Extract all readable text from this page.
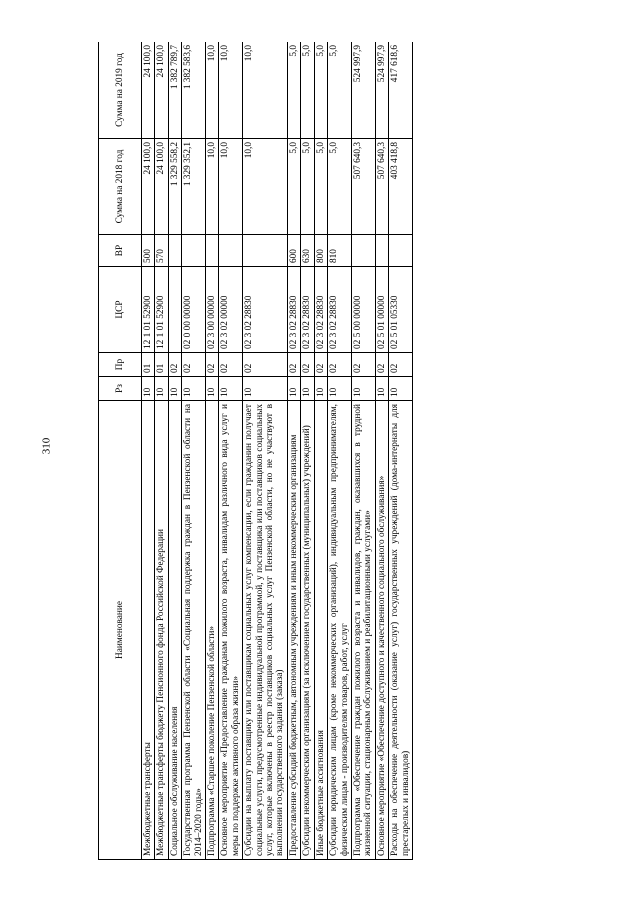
310
Наименование	Рз	Пр	ЦСР	ВР	Сумма на 2018 год	Сумма на 2019 год
Межбюджетные трансферты	10	01	12 1 01 52900	500	24 100,0	24 100,0
Межбюджетные трансферты бюджету Пенсионного фонда Российской Федерации	10	01	12 1 01 52900	570	24 100,0	24 100,0
Социальное обслуживание населения	10	02			1 329 558,2	1 382 789,7
Государственная программа Пензенской области «Социальная поддержка граждан в Пензенской области на 2014–2020 годы»	10	02	02 0 00 00000		1 329 352,1	1 382 583,6
Подпрограмма «Старшее поколение Пензенской области»	10	02	02 3 00 00000		10,0	10,0
Основное мероприятие «Предоставление гражданам пожилого возраста, инвалидам различного вида услуг и меры по поддержке активного образа жизни»	10	02	02 3 02 00000		10,0	10,0
Субсидии на выплату поставщику или поставщикам социальных услуг компенсации, если гражданин получает социальные услуги, предусмотренные индивидуальной программой, у поставщика или поставщиков социальных услуг, которые включены в реестр поставщиков социальных услуг Пензенской области, но не участвуют в выполнении государственного задания (заказа)	10	02	02 3 02 28830		10,0	10,0
Предоставление субсидий бюджетным, автономным учреждениям и иным некоммерческим организациям	10	02	02 3 02 28830	600	5,0	5,0
Субсидии некоммерческим организациям (за исключением государственных (муниципальных) учреждений)	10	02	02 3 02 28830	630	5,0	5,0
Иные бюджетные ассигнования	10	02	02 3 02 28830	800	5,0	5,0
Субсидии юридическим лицам (кроме некоммерческих организаций), индивидуальным предпринимателям, физическим лицам - производителям товаров, работ, услуг	10	02	02 3 02 28830	810	5,0	5,0
Подпрограмма «Обеспечение граждан пожилого возраста и инвалидов, граждан, оказавшихся в трудной жизненной ситуации, стационарным обслуживанием и реабилитационными услугами»	10	02	02 5 00 00000		507 640,3	524 997,9
Основное мероприятие «Обеспечение доступного и качественного социального обслуживания»	10	02	02 5 01 00000		507 640,3	524 997,9
Расходы на обеспечение деятельности (оказание услуг) государственных учреждений (дома-интернаты для престарелых и инвалидов)	10	02	02 5 01 05330		403 418,8	417 618,6
